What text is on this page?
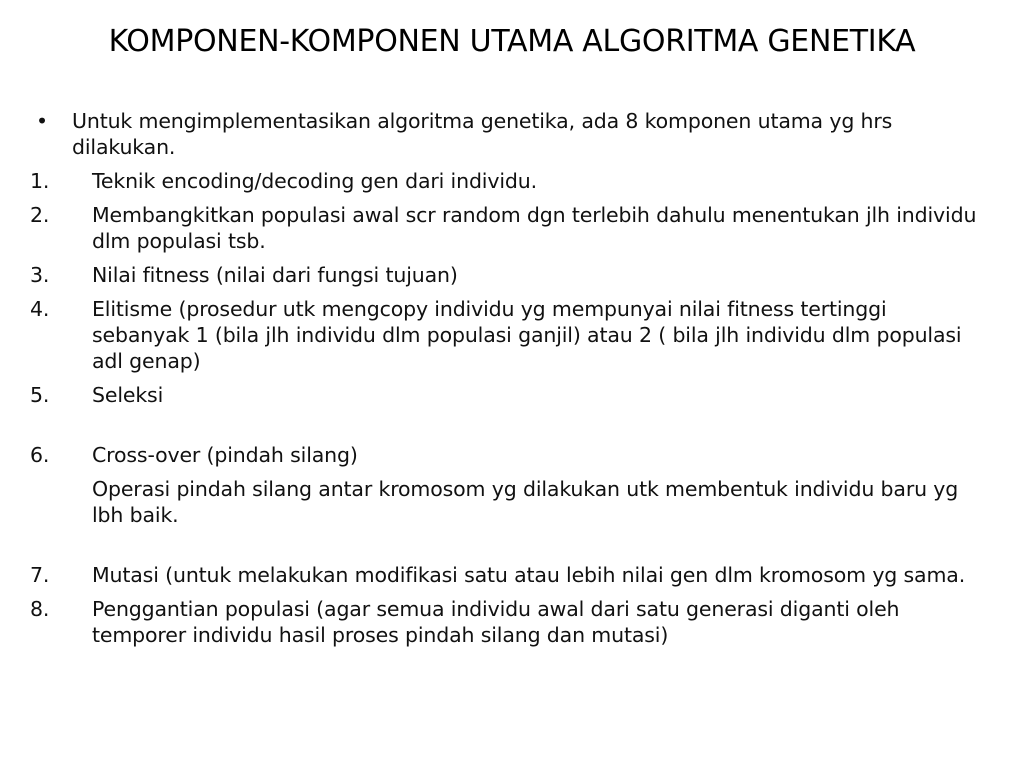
KOMPONEN-KOMPONEN UTAMA ALGORITMA GENETIKA
• Untuk mengimplementasikan algoritma genetika, ada 8 komponen utama yg hrs dilakukan.
1. Teknik encoding/decoding gen dari individu.
2. Membangkitkan populasi awal scr random dgn terlebih dahulu menentukan jlh individu dlm populasi tsb.
3. Nilai fitness (nilai dari fungsi tujuan)
4. Elitisme (prosedur utk mengcopy individu yg mempunyai nilai fitness tertinggi sebanyak 1 (bila jlh individu dlm populasi ganjil) atau 2 ( bila jlh individu dlm populasi adl genap)
5. Seleksi
6. Cross-over (pindah silang)
Operasi pindah silang antar kromosom yg dilakukan utk membentuk individu baru yg lbh baik.
7. Mutasi (untuk melakukan modifikasi satu atau lebih nilai gen dlm kromosom yg sama.
8. Penggantian populasi (agar semua individu awal dari satu generasi diganti oleh temporer individu hasil proses pindah silang dan mutasi)
